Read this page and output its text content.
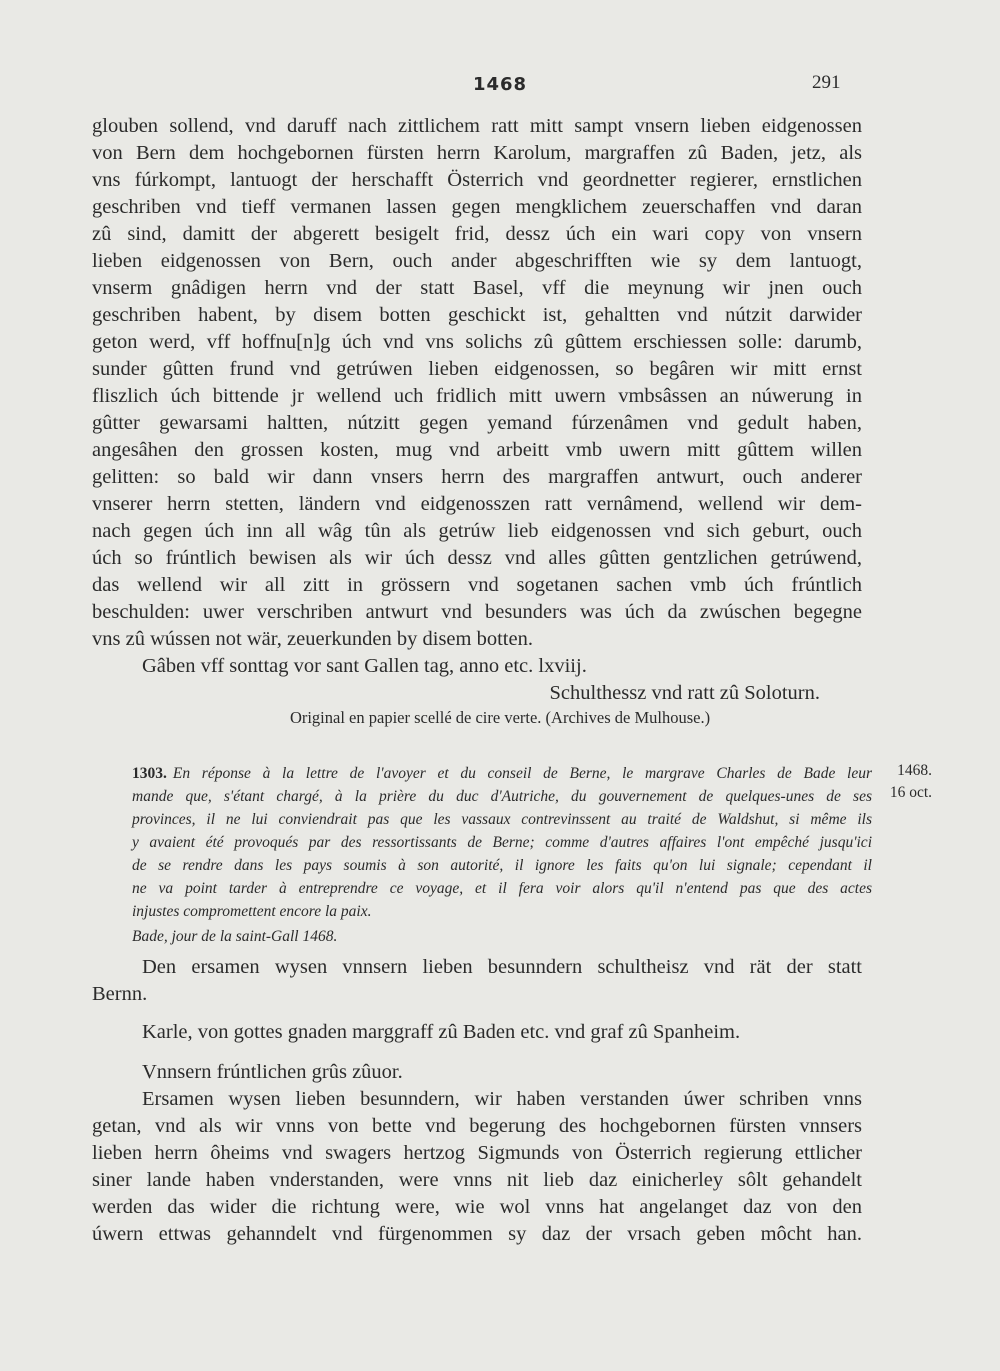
1468	291
glouben sollend, vnd daruff nach zittlichem ratt mitt sampt vnsern lieben eidgenossen
von Bern dem hochgebornen fürsten herrn Karolum, margraffen zû Baden, jetz, als
vns fúrkompt, lantuogt der herschafft Österrich vnd geordnetter regierer, ernstlichen
geschriben vnd tieff vermanen lassen gegen mengklichem zeuerschaffen vnd daran
zû sind, damitt der abgerett besigelt frid, dessz úch ein wari copy von vnsern
lieben eidgenossen von Bern, ouch ander abgeschrifften wie sy dem lantuogt,
vnserm gnâdigen herrn vnd der statt Basel, vff die meynung wir jnen ouch
geschriben habent, by disem botten geschickt ist, gehaltten vnd nútzit darwider
geton werd, vff hoffnu[n]g úch vnd vns solichs zû gûttem erschiessen solle: darumb,
sunder gûtten frund vnd getrúwen lieben eidgenossen, so begâren wir mitt ernst
fliszlich úch bittende jr wellend uch fridlich mitt uwern vmbsâssen an núwerung in
gûtter gewarsami haltten, nútzitt gegen yemand fúrzenâmen vnd gedult haben,
angesâhen den grossen kosten, mug vnd arbeitt vmb uwern mitt gûttem willen
gelitten: so bald wir dann vnsers herrn des margraffen antwurt, ouch anderer
vnserer herrn stetten, ländern vnd eidgenosszen ratt vernâmend, wellend wir dem-
nach gegen úch inn all wâg tûn als getrúw lieb eidgenossen vnd sich geburt, ouch
úch so frúntlich bewisen als wir úch dessz vnd alles gûtten gentzlichen getrúwend,
das wellend wir all zitt in grössern vnd sogetanen sachen vmb úch frúntlich
beschulden: uwer verschriben antwurt vnd besunders was úch da zwúschen begegne
vns zû wússen not wär, zeuerkunden by disem botten.
Gâben vff sonttag vor sant Gallen tag, anno etc. lxviij.
Schulthessz vnd ratt zû Soloturn.
Original en papier scellé de cire verte. (Archives de Mulhouse.)
1303. En réponse à la lettre de l'avoyer et du conseil de Berne, le margrave Charles de Bade leur
mande que, s'étant chargé, à la prière du duc d'Autriche, du gouvernement de quelques-unes de ses
provinces, il ne lui conviendrait pas que les vassaux contrevinssent au traité de Waldshut, si même ils
y avaient été provoqués par des ressortissants de Berne; comme d'autres affaires l'ont empêché jusqu'ici
de se rendre dans les pays soumis à son autorité, il ignore les faits qu'on lui signale; cependant il
ne va point tarder à entreprendre ce voyage, et il fera voir alors qu'il n'entend pas que des actes
injustes compromettent encore la paix.
Bade, jour de la saint-Gall 1468.
1468.
16 oct.
Den ersamen wysen vnnsern lieben besunndern schultheisz vnd rät der statt
Bernn.
Karle, von gottes gnaden marggraff zû Baden etc. vnd graf zû Spanheim.
Vnnsern frúntlichen grûs zûuor.
Ersamen wysen lieben besunndern, wir haben verstanden úwer schriben vnns
getan, vnd als wir vnns von bette vnd begerung des hochgebornen fürsten vnnsers
lieben herrn ôheims vnd swagers hertzog Sigmunds von Österrich regierung ettlicher
siner lande haben vnderstanden, were vnns nit lieb daz einicherley sôlt gehandelt
werden das wider die richtung were, wie wol vnns hat angelanget daz von den
úwern ettwas gehanndelt vnd fürgenommen sy daz der vrsach geben môcht han.
